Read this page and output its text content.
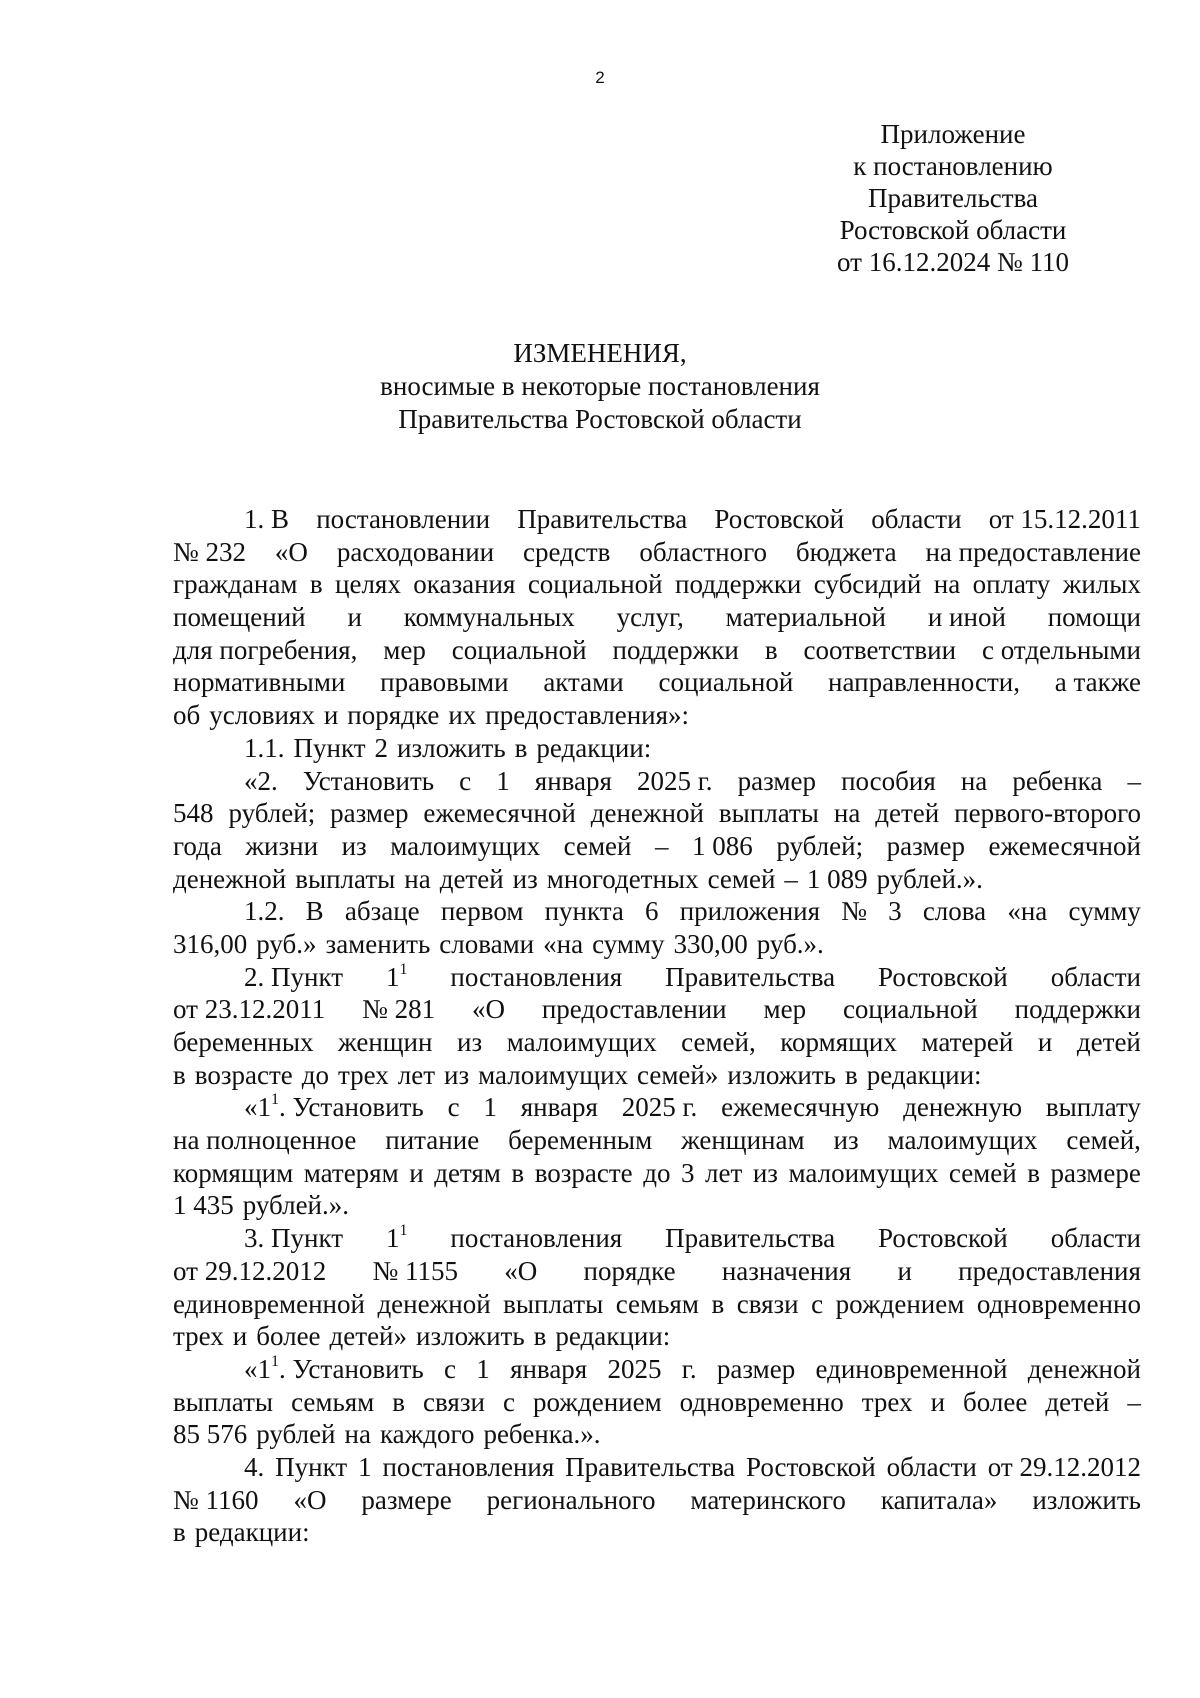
2
Приложение
к постановлению
Правительства
Ростовской области
от 16.12.2024 № 110
ИЗМЕНЕНИЯ,
вносимые в некоторые постановления
Правительства Ростовской области
1. В постановлении Правительства Ростовской области от 15.12.2011
№ 232 «О расходовании средств областного бюджета на предоставление
гражданам в целях оказания социальной поддержки субсидий на оплату жилых
помещений и коммунальных услуг, материальной и иной помощи
для погребения, мер социальной поддержки в соответствии с отдельными
нормативными правовыми актами социальной направленности, а также
об условиях и порядке их предоставления»:
1.1. Пункт 2 изложить в редакции:
«2. Установить с 1 января 2025 г. размер пособия на ребенка –
548 рублей; размер ежемесячной денежной выплаты на детей первого-второго
года жизни из малоимущих семей – 1 086 рублей; размер ежемесячной
денежной выплаты на детей из многодетных семей – 1 089 рублей.».
1.2. В абзаце первом пункта 6 приложения № 3 слова «на сумму
316,00 руб.» заменить словами «на сумму 330,00 руб.».
2. Пункт $1^1$ постановления Правительства Ростовской области
от 23.12.2011 № 281 «О предоставлении мер социальной поддержки
беременных женщин из малоимущих семей, кормящих матерей и детей
в возрасте до трех лет из малоимущих семей» изложить в редакции:
«$1^1$. Установить с 1 января 2025 г. ежемесячную денежную выплату
на полноценное питание беременным женщинам из малоимущих семей,
кормящим матерям и детям в возрасте до 3 лет из малоимущих семей в размере
1 435 рублей.».
3. Пункт $1^1$ постановления Правительства Ростовской области
от 29.12.2012 № 1155 «О порядке назначения и предоставления
единовременной денежной выплаты семьям в связи с рождением одновременно
трех и более детей» изложить в редакции:
«$1^1$. Установить с 1 января 2025 г. размер единовременной денежной
выплаты семьям в связи с рождением одновременно трех и более детей –
85 576 рублей на каждого ребенка.».
4. Пункт 1 постановления Правительства Ростовской области от 29.12.2012
№ 1160 «О размере регионального материнского капитала» изложить
в редакции:
